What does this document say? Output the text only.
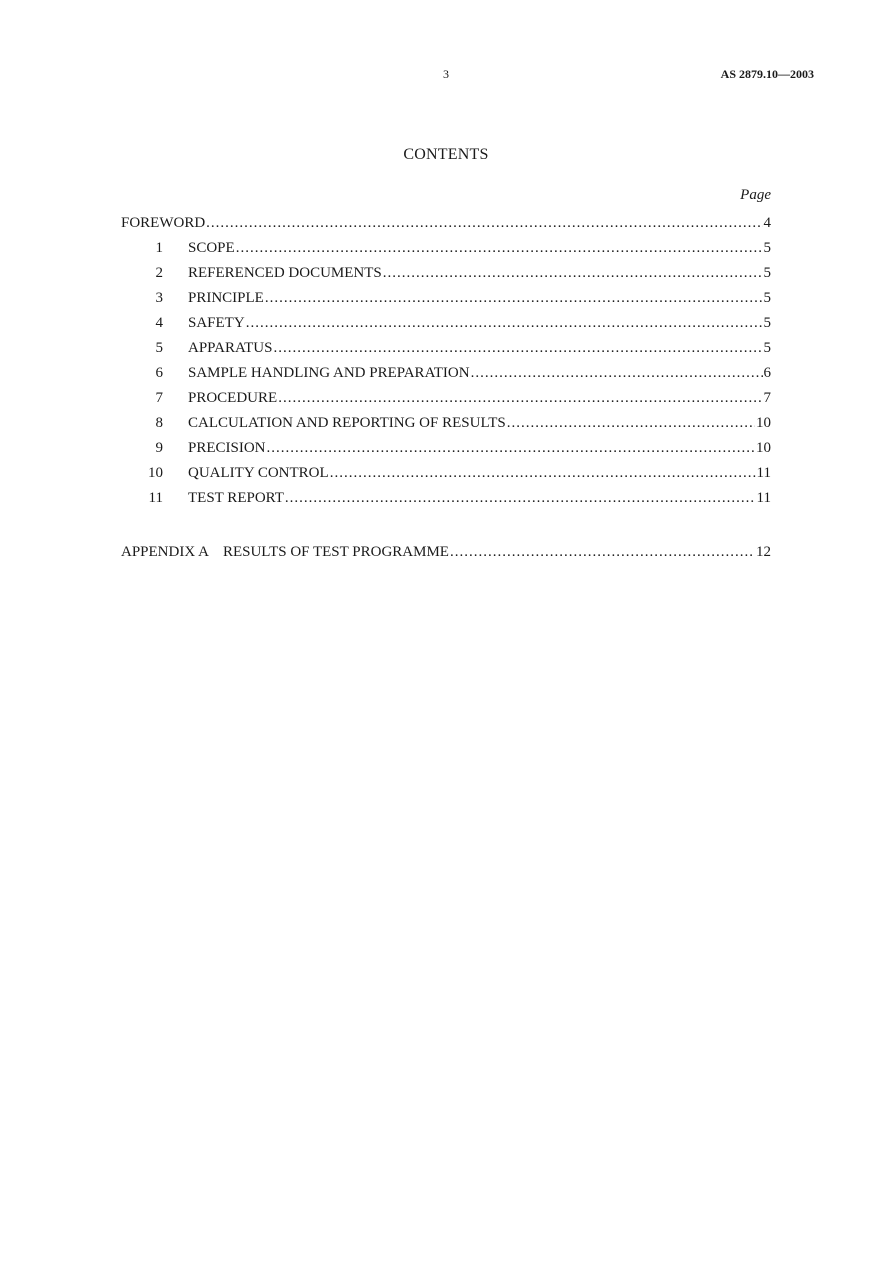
3	AS 2879.10—2003
CONTENTS
Page
FOREWORD .....	4
1 SCOPE .....	5
2 REFERENCED DOCUMENTS .....	5
3 PRINCIPLE .....	5
4 SAFETY .....	5
5 APPARATUS .....	5
6 SAMPLE HANDLING AND PREPARATION .....	6
7 PROCEDURE .....	7
8 CALCULATION AND REPORTING OF RESULTS .....	10
9 PRECISION .....	10
10 QUALITY CONTROL .....	11
11 TEST REPORT .....	11
APPENDIX A RESULTS OF TEST PROGRAMME .....	12
